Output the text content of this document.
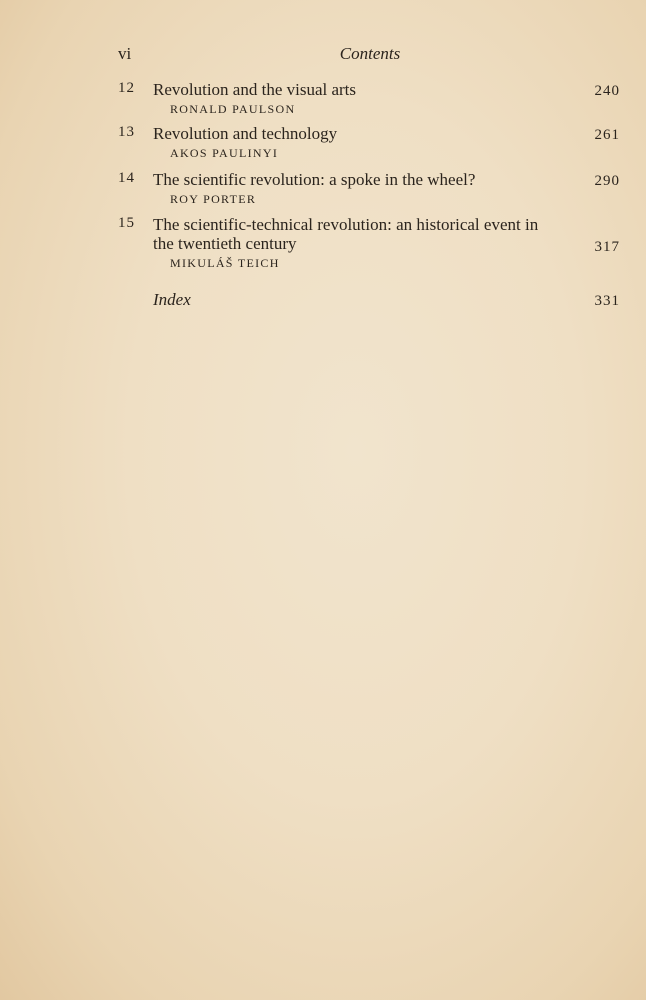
vi	Contents
12 Revolution and the visual arts
RONALD PAULSON
240
13 Revolution and technology
AKOS PAULINYI
261
14 The scientific revolution: a spoke in the wheel?
ROY PORTER
290
15 The scientific-technical revolution: an historical event in
the twentieth century
MIKULÁŠ TEICH
317
Index	331
